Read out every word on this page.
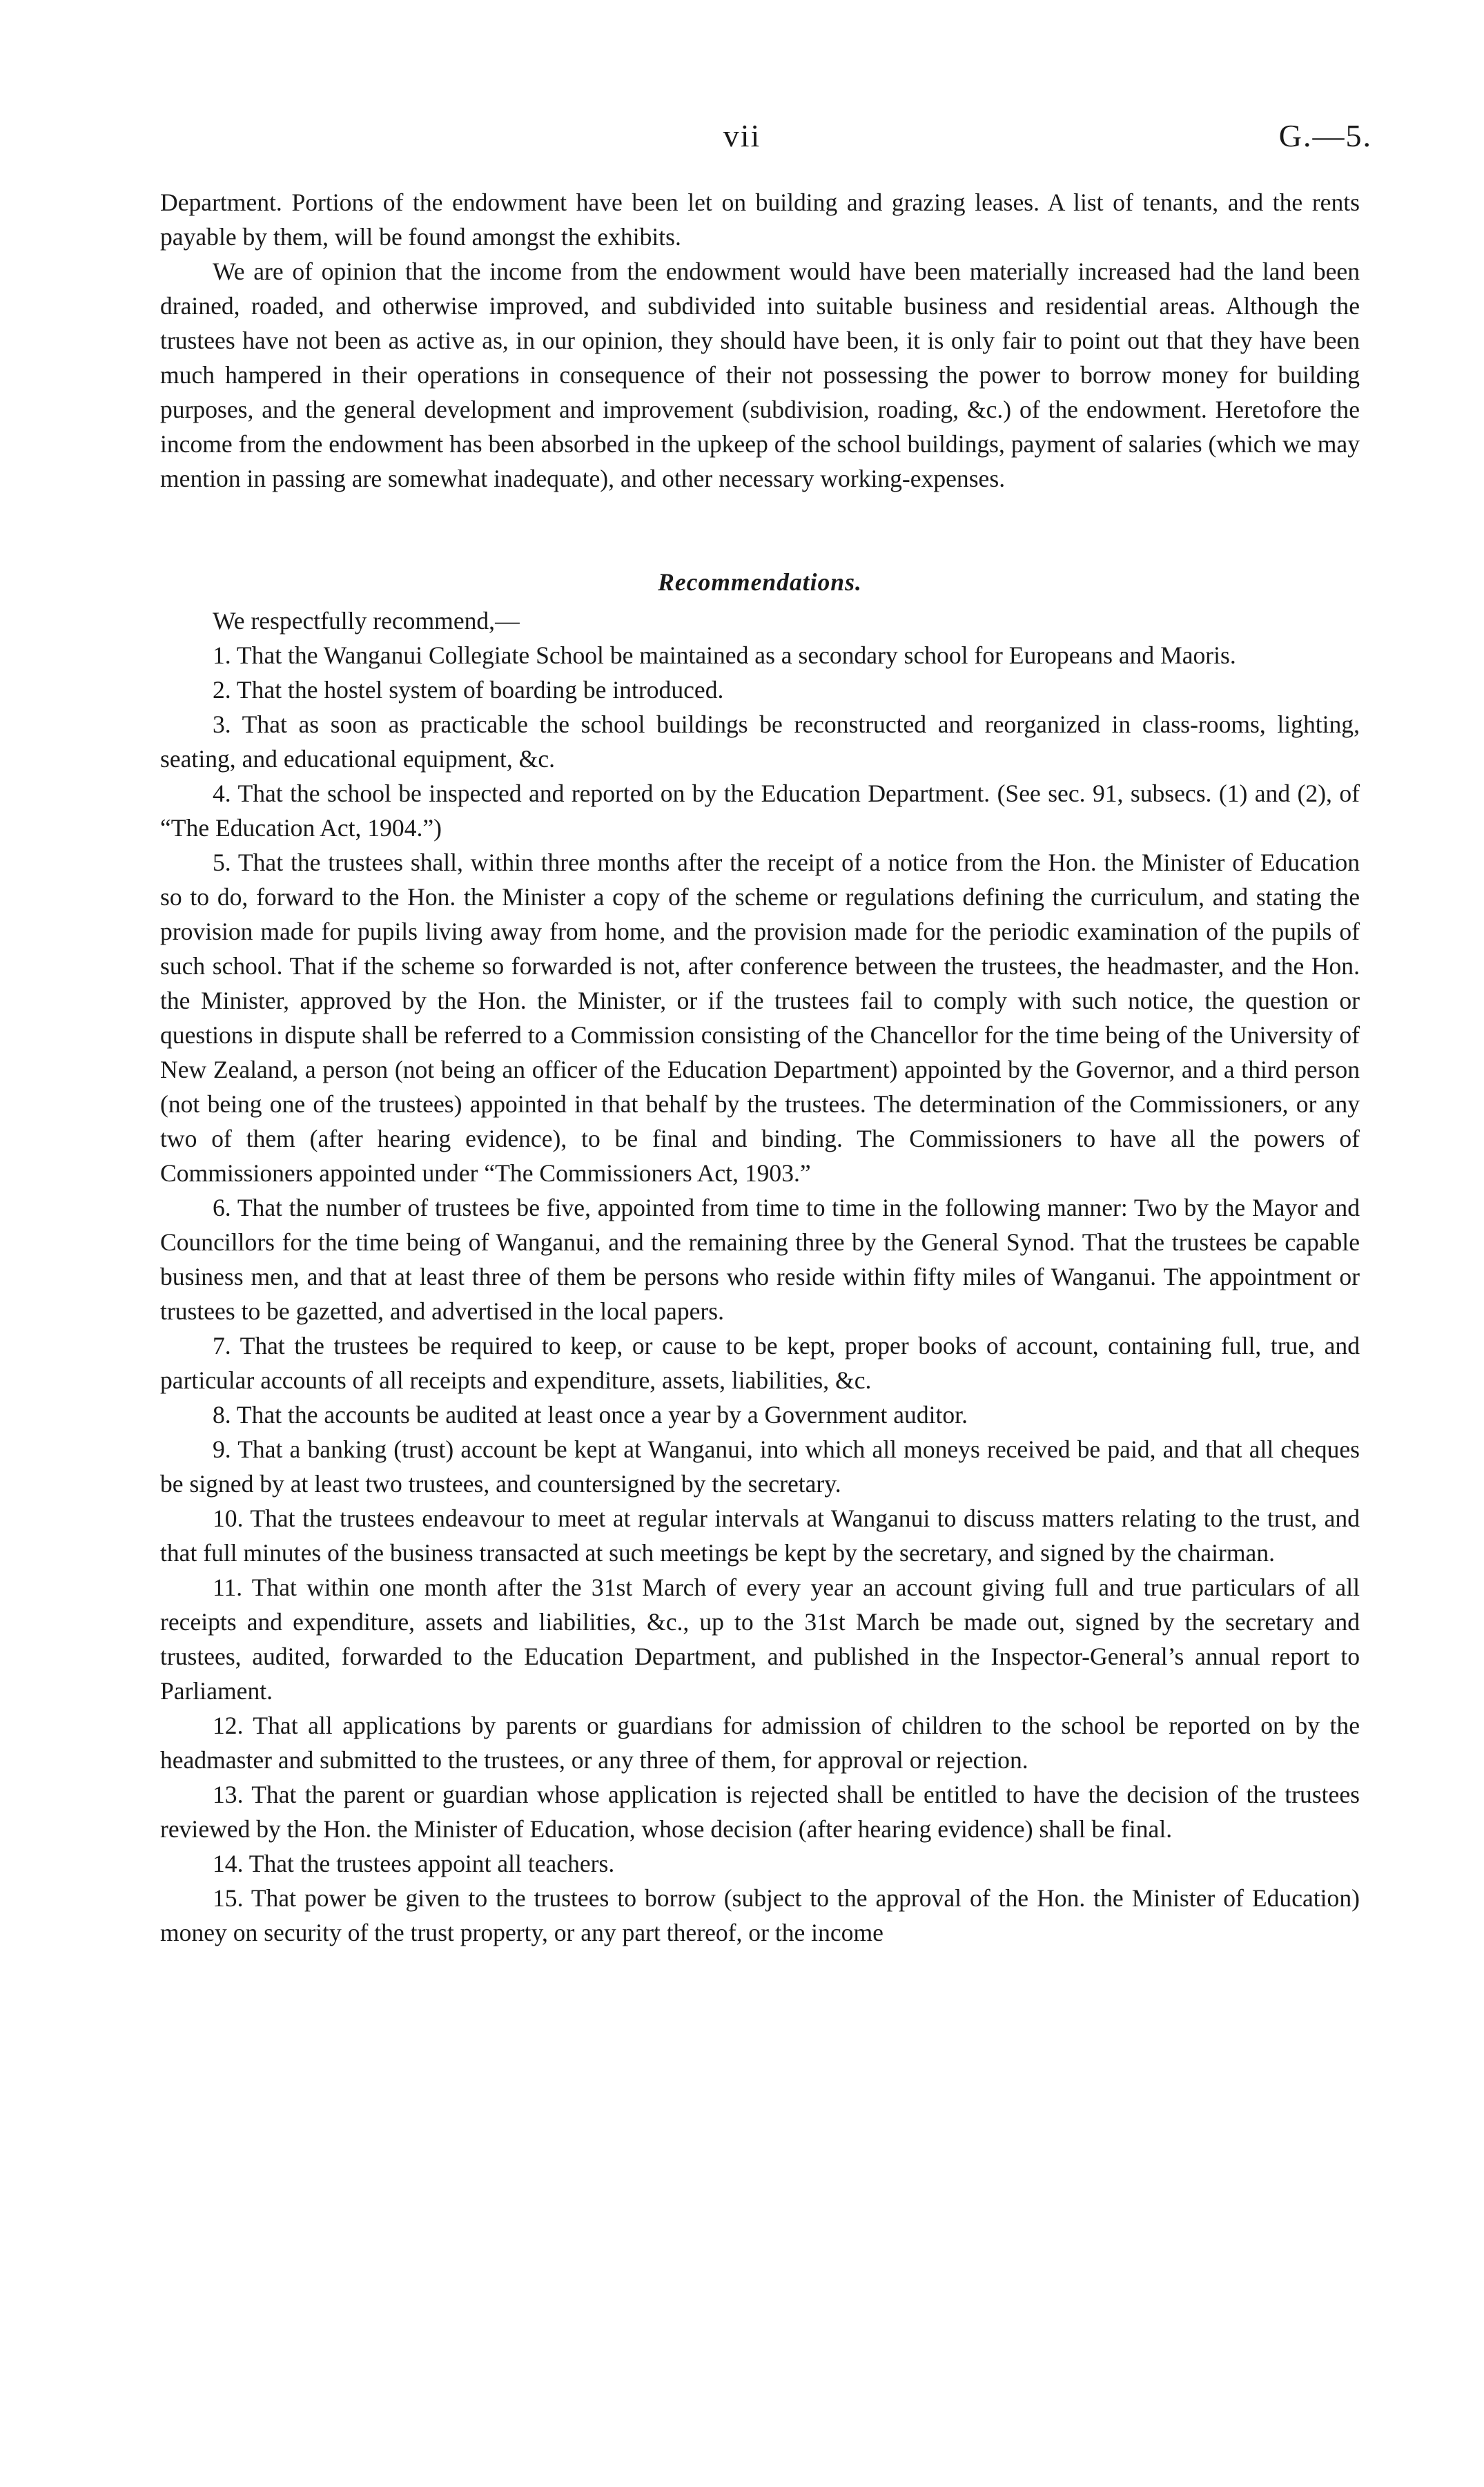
vii	G.—5.

Department. Portions of the endowment have been let on building and grazing leases. A list of tenants, and the rents payable by them, will be found amongst the exhibits.

We are of opinion that the income from the endowment would have been materially increased had the land been drained, roaded, and otherwise improved, and subdivided into suitable business and residential areas. Although the trustees have not been as active as, in our opinion, they should have been, it is only fair to point out that they have been much hampered in their operations in consequence of their not possessing the power to borrow money for building purposes, and the general development and improvement (subdivision, roading, &c.) of the endowment. Heretofore the income from the endowment has been absorbed in the upkeep of the school buildings, payment of salaries (which we may mention in passing are somewhat inadequate), and other necessary working-expenses.

Recommendations.

We respectfully recommend,—

1. That the Wanganui Collegiate School be maintained as a secondary school for Europeans and Maoris.

2. That the hostel system of boarding be introduced.

3. That as soon as practicable the school buildings be reconstructed and reorganized in class-rooms, lighting, seating, and educational equipment, &c.

4. That the school be inspected and reported on by the Education Department. (See sec. 91, subsecs. (1) and (2), of “The Education Act, 1904.”)

5. That the trustees shall, within three months after the receipt of a notice from the Hon. the Minister of Education so to do, forward to the Hon. the Minister a copy of the scheme or regulations defining the curriculum, and stating the provision made for pupils living away from home, and the provision made for the periodic examination of the pupils of such school. That if the scheme so forwarded is not, after conference between the trustees, the headmaster, and the Hon. the Minister, approved by the Hon. the Minister, or if the trustees fail to comply with such notice, the question or questions in dispute shall be referred to a Commission consisting of the Chancellor for the time being of the University of New Zealand, a person (not being an officer of the Education Department) appointed by the Governor, and a third person (not being one of the trustees) appointed in that behalf by the trustees. The determination of the Commissioners, or any two of them (after hearing evidence), to be final and binding. The Commissioners to have all the powers of Commissioners appointed under “The Commissioners Act, 1903.”

6. That the number of trustees be five, appointed from time to time in the following manner: Two by the Mayor and Councillors for the time being of Wanganui, and the remaining three by the General Synod. That the trustees be capable business men, and that at least three of them be persons who reside within fifty miles of Wanganui. The appointment or trustees to be gazetted, and advertised in the local papers.

7. That the trustees be required to keep, or cause to be kept, proper books of account, containing full, true, and particular accounts of all receipts and expenditure, assets, liabilities, &c.

8. That the accounts be audited at least once a year by a Government auditor.

9. That a banking (trust) account be kept at Wanganui, into which all moneys received be paid, and that all cheques be signed by at least two trustees, and countersigned by the secretary.

10. That the trustees endeavour to meet at regular intervals at Wanganui to discuss matters relating to the trust, and that full minutes of the business transacted at such meetings be kept by the secretary, and signed by the chairman.

11. That within one month after the 31st March of every year an account giving full and true particulars of all receipts and expenditure, assets and liabilities, &c., up to the 31st March be made out, signed by the secretary and trustees, audited, forwarded to the Education Department, and published in the Inspector-General’s annual report to Parliament.

12. That all applications by parents or guardians for admission of children to the school be reported on by the headmaster and submitted to the trustees, or any three of them, for approval or rejection.

13. That the parent or guardian whose application is rejected shall be entitled to have the decision of the trustees reviewed by the Hon. the Minister of Education, whose decision (after hearing evidence) shall be final.

14. That the trustees appoint all teachers.

15. That power be given to the trustees to borrow (subject to the approval of the Hon. the Minister of Education) money on security of the trust property, or any part thereof, or the income
